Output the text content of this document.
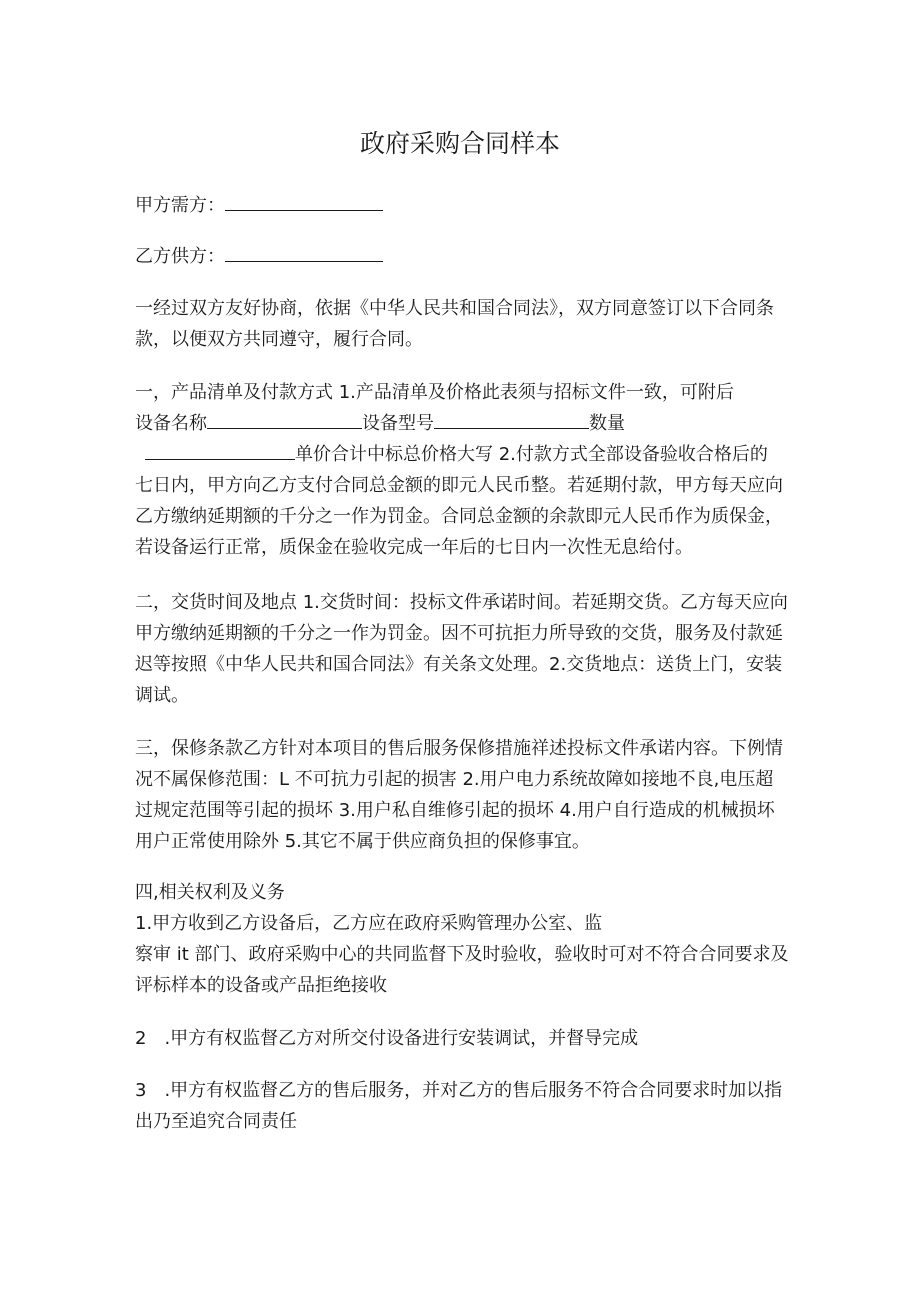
政府采购合同样本
甲方需方：
乙方供方：

一经过双方友好协商，依据《中华人民共和国合同法》，双方同意签订以下合同条款，以便双方共同遵守，履行合同。

一，产品清单及付款方式 1.产品清单及价格此表须与招标文件一致，可附后

设备名称	设备型号	数量

单价合计中标总价格大写 2.付款方式全部设备验收合格后的

七日内，甲方向乙方支付合同总金额的即元人民币整。若延期付款，甲方每天应向乙方缴纳延期额的千分之一作为罚金。合同总金额的余款即元人民币作为质保金，若设备运行正常，质保金在验收完成一年后的七日内一次性无息给付。

二，交货时间及地点 1.交货时间：投标文件承诺时间。若延期交货。乙方每天应向甲方缴纳延期额的千分之一作为罚金。因不可抗拒力所导致的交货，服务及付款延迟等按照《中华人民共和国合同法》有关条文处理。2.交货地点：送货上门，安装调试。

三，保修条款乙方针对本项目的售后服务保修措施祥述投标文件承诺内容。下例情况不属保修范围：L 不可抗力引起的损害 2.用户电力系统故障如接地不良,电压超过规定范围等引起的损坏 3.用户私自维修引起的损坏 4.用户自行造成的机械损坏用户正常使用除外 5.其它不属于供应商负担的保修事宜。

四,相关权利及义务

1.甲方收到乙方设备后，乙方应在政府采购管理办公室、监

察审 it 部门、政府采购中心的共同监督下及时验收，验收时可对不符合合同要求及评标样本的设备或产品拒绝接收

2　.甲方有权监督乙方对所交付设备进行安装调试，并督导完成

3　.甲方有权监督乙方的售后服务，并对乙方的售后服务不符合合同要求时加以指出乃至追究合同责任
